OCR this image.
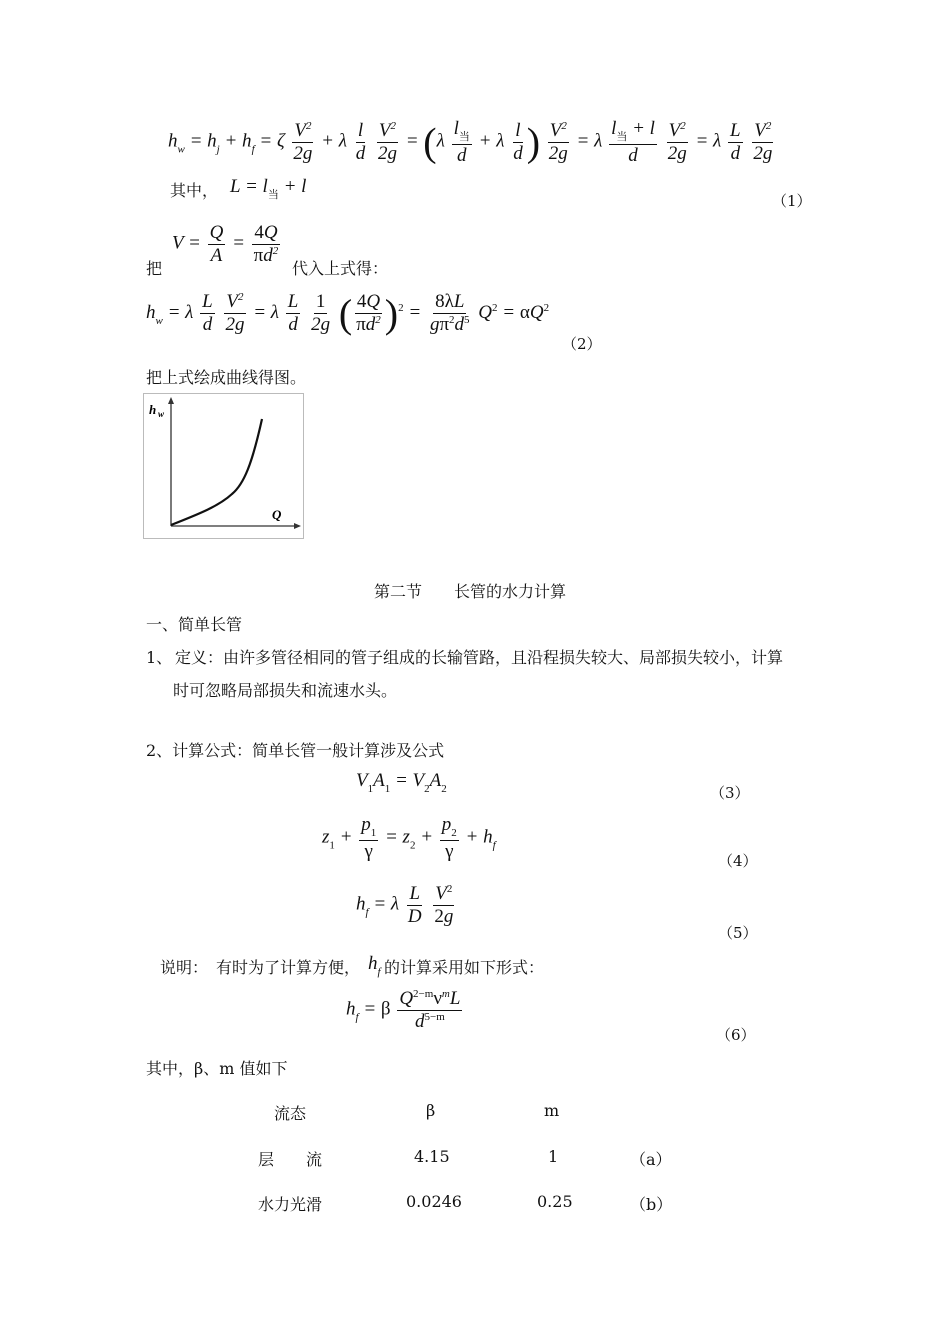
$h_w = h_j + h_f = \zeta \frac{V^2}{2g} + \lambda \frac{l}{d}$
$\frac{V^2}{2g} = (\lambda \frac{l_当}{d} + \lambda \frac{l}{d}$ ) $\frac{V^2}{2g} = \lambda \frac{l_当 + l}{d}$
$\frac{V^2}{2g} = \lambda \frac{L}{d}$
$\frac{V^2}{2g}$
其中， $L = l_当 + l$
（1）
把
$V = \frac{Q}{A} = \frac{4Q}{\pi d^2}$
代入上式得：
$h_w = \lambda \frac{L}{d}$
$\frac{V^2}{2g} = \lambda \frac{L}{d}$
$\frac{1}{2g}$ ( $\frac{4Q}{\pi d^2} )^2 = \frac{8\lambda L}{g\pi^2d^5} Q^2 = \alpha Q^2$
（2）
把上式绘成曲线得图。
h w
Q
第二节　　长管的水力计算
一、简单长管
1、 定义：由许多管径相同的管子组成的长输管路，且沿程损失较大、局部损失较小，计算
时可忽略局部损失和流速水头。
2、计算公式：简单长管一般计算涉及公式
$V_1A_1 = V_2A_2$	（3）
$z_1 + \frac{p_1}{\gamma} = z_2 + \frac{p_2}{\gamma} + h_f$
（4）
$h_f = \lambda \frac{L}{D}$
$\frac{V^2}{2g}$
（5）
说明：　有时为了计算方便， $h_f$ 的计算采用如下形式：
$h_f = \beta \frac{Q^{2-m}\nu^mL}{d^{5-m}}$
（6）
其中，β、m 值如下
流态	β	m
层　　流	4.15	1	（a）
水力光滑	0.0246	0.25	（b）
